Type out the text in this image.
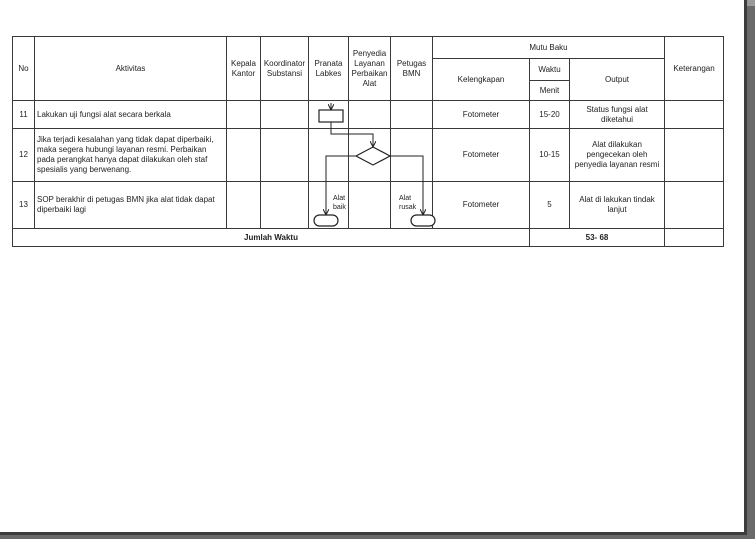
No	Aktivitas	Kepala Kantor	Koordinator Substansi	Pranata Labkes	Penyedia Layanan Perbaikan Alat	Petugas BMN	Mutu Baku			Keterangan
							Kelengkapan	Waktu	Output	
								Menit		
11	Lakukan uji fungsi alat secara berkala						Fotometer	15-20	Status fungsi alat diketahui	
12	Jika terjadi kesalahan yang tidak dapat diperbaiki, maka segera hubungi layanan resmi. Perbaikan pada perangkat hanya dapat dilakukan oleh staf spesialis yang berwenang.						Fotometer	10-15	Alat dilakukan pengecekan oleh penyedia layanan resmi	
13	SOP berakhir di petugas BMN jika alat tidak dapat diperbaiki lagi						Fotometer	5	Alat di lakukan tindak lanjut	
Jumlah Waktu								53- 68		
Alat
baik
Alat
rusak
